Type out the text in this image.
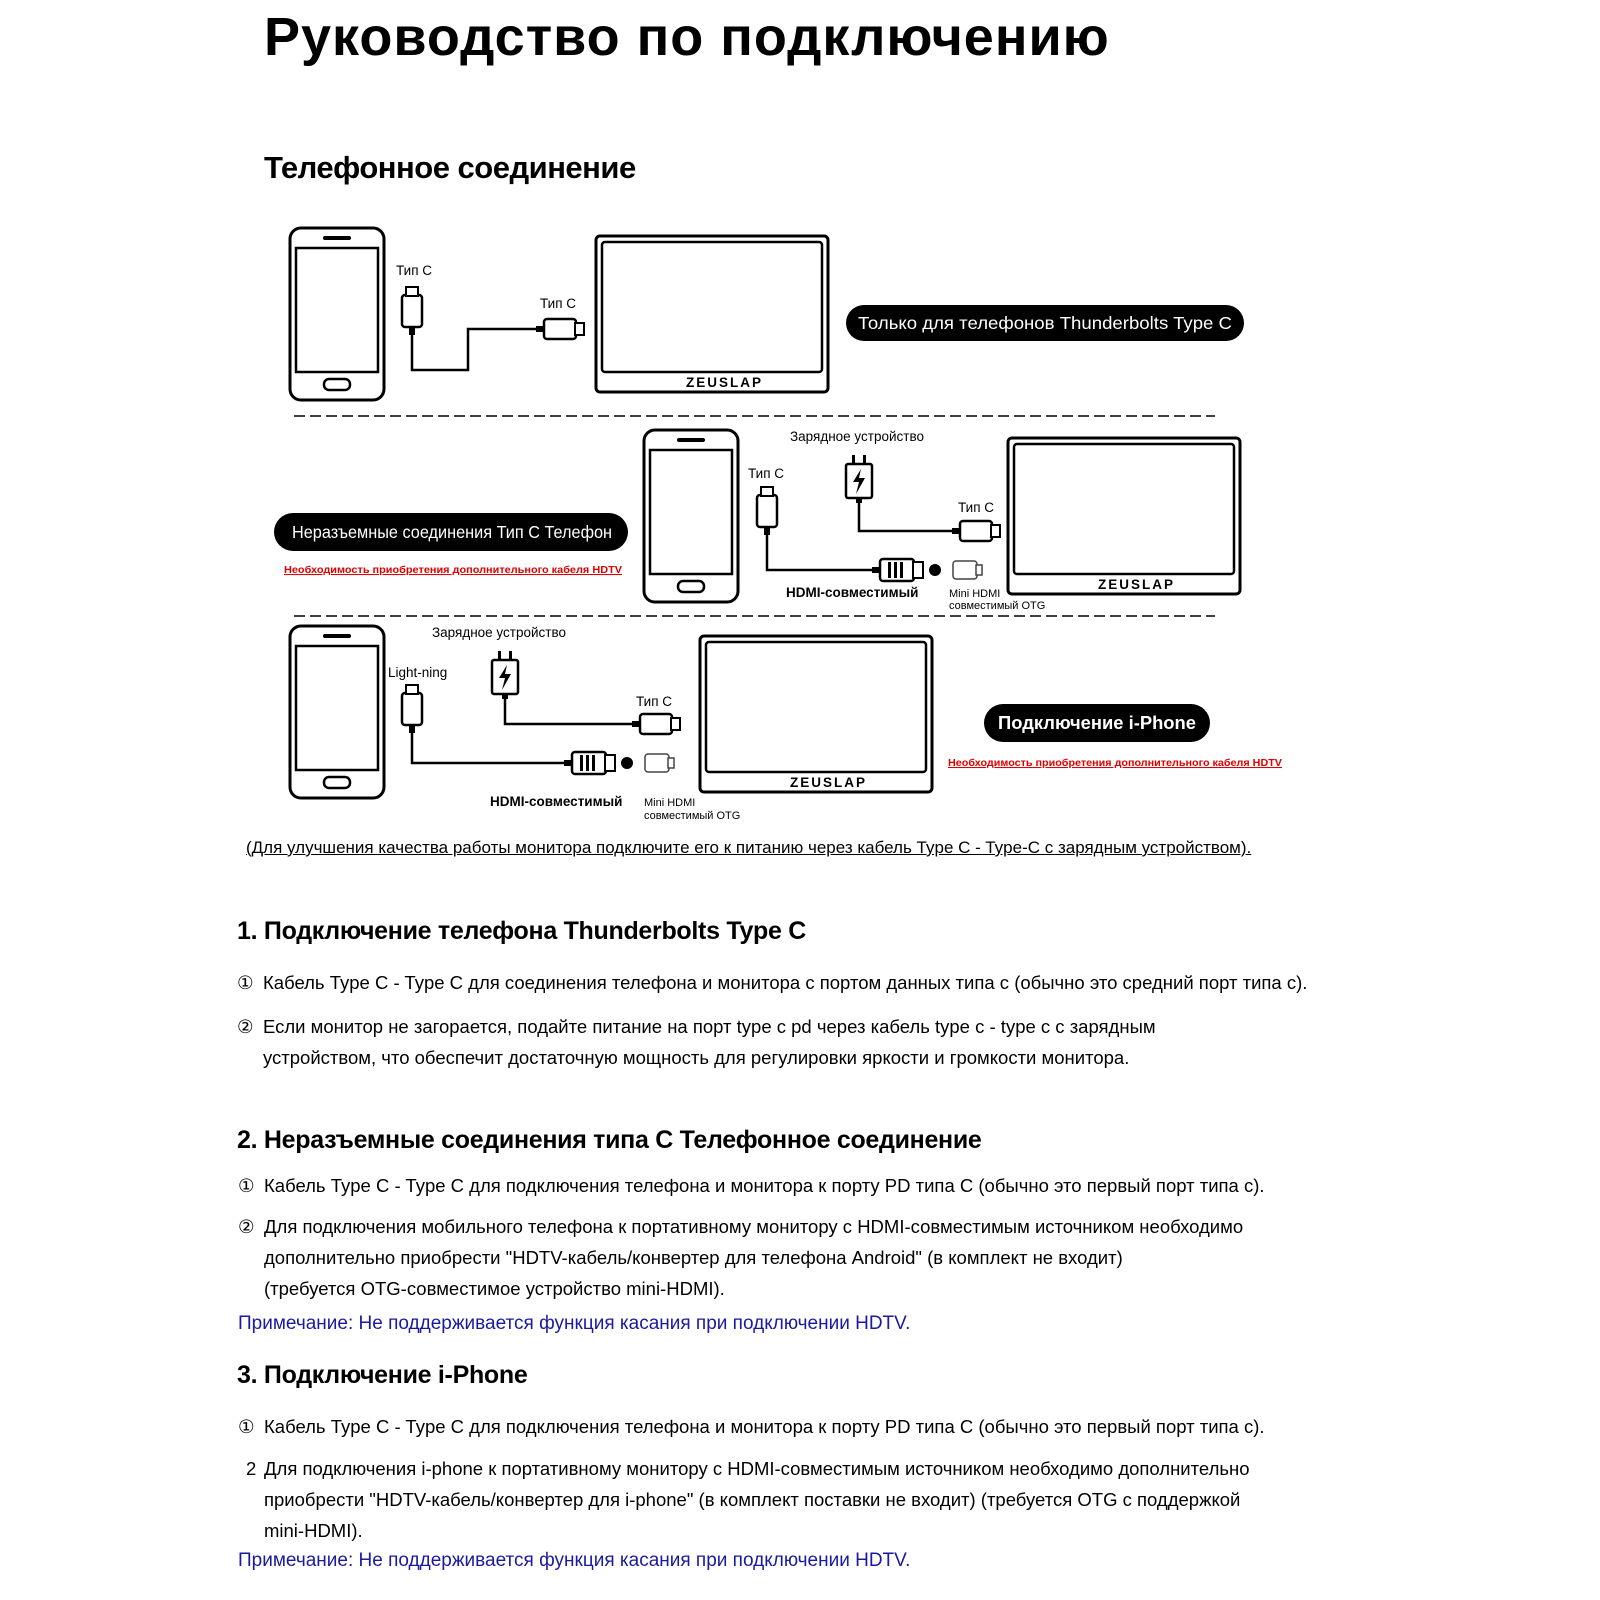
Руководство по подключению
Телефонное соединение
ZEUSLAP
Тип С
Тип С
Только для телефонов Thunderbolts Type C
Неразъемные соединения Тип С Телефон
Необходимость приобретения дополнительного кабеля HDTV
Зарядное устройство
Тип С
HDMI-совместимый	Mini HDMI
совместимый OTG
Тип С
ZEUSLAP
Light-ning
Зарядное устройство
Тип С
ZEUSLAP
HDMI-совместимый Mini HDMI
совместимый OTG
Подключение i-Phone
Необходимость приобретения дополнительного кабеля HDTV
(Для улучшения качества работы монитора подключите его к питанию через кабель Type C - Type-C с зарядным устройством).
1. Подключение телефона Thunderbolts Type C
① Кабель Type C - Type C для соединения телефона и монитора с портом данных типа с (обычно это средний порт типа с).
② Если монитор не загорается, подайте питание на порт type c pd через кабель type c - type c с зарядным
устройством, что обеспечит достаточную мощность для регулировки яркости и громкости монитора.
2. Неразъемные соединения типа С Телефонное соединение
① Кабель Type C - Type C для подключения телефона и монитора к порту PD типа C (обычно это первый порт типа с).
② Для подключения мобильного телефона к портативному монитору с HDMI-совместимым источником необходимо
дополнительно приобрести "HDTV-кабель/конвертер для телефона Android" (в комплект не входит)
(требуется OTG-совместимое устройство mini-HDMI).
Примечание: Не поддерживается функция касания при подключении HDTV.
3. Подключение i-Phone
① Кабель Type C - Type C для подключения телефона и монитора к порту PD типа C (обычно это первый порт типа с).
2 Для подключения i-phone к портативному монитору с HDMI-совместимым источником необходимо дополнительно
приобрести "HDTV-кабель/конвертер для i-phone" (в комплект поставки не входит) (требуется OTG с поддержкой
mini-HDMI).
Примечание: Не поддерживается функция касания при подключении HDTV.
